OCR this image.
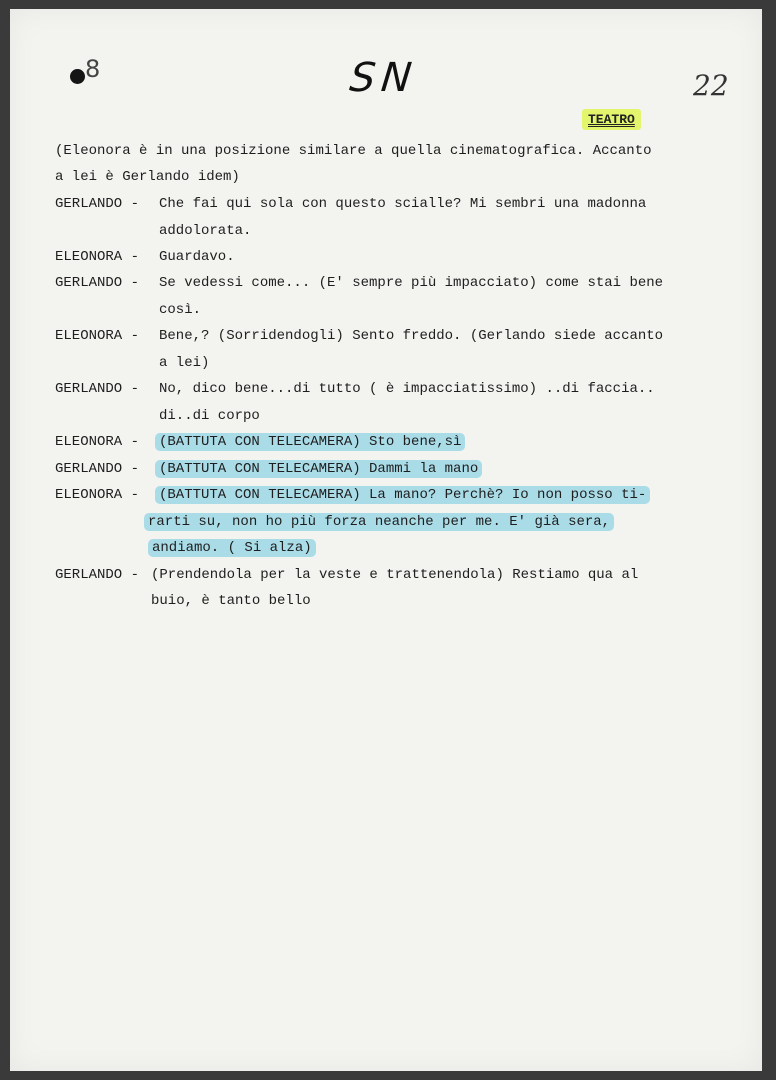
8	SN	22
TEATRO
(Eleonora è in una posizione similare a quella cinematografica. Accanto
a lei è Gerlando idem)
GERLANDO - Che fai qui sola con questo scialle? Mi sembri una madonna
addolorata.
ELEONORA - Guardavo.
GERLANDO - Se vedessi come... (E' sempre più impacciato) come stai bene
così.
ELEONORA - Bene,? (Sorridendogli) Sento freddo. (Gerlando siede accanto
a lei)
GERLANDO - No, dico bene...di tutto ( è impacciatissimo) ..di faccia..
di..di corpo
ELEONORA - (BATTUTA CON TELECAMERA) Sto bene,sì
GERLANDO - (BATTUTA CON TELECAMERA) Dammi la mano
ELEONORA - (BATTUTA CON TELECAMERA) La mano? Perchè? Io non posso ti-
rarti su, non ho più forza neanche per me. E' già sera,
andiamo. ( Si alza)
GERLANDO - (Prendendola per la veste e trattenendola) Restiamo qua al
buio, è tanto bello
